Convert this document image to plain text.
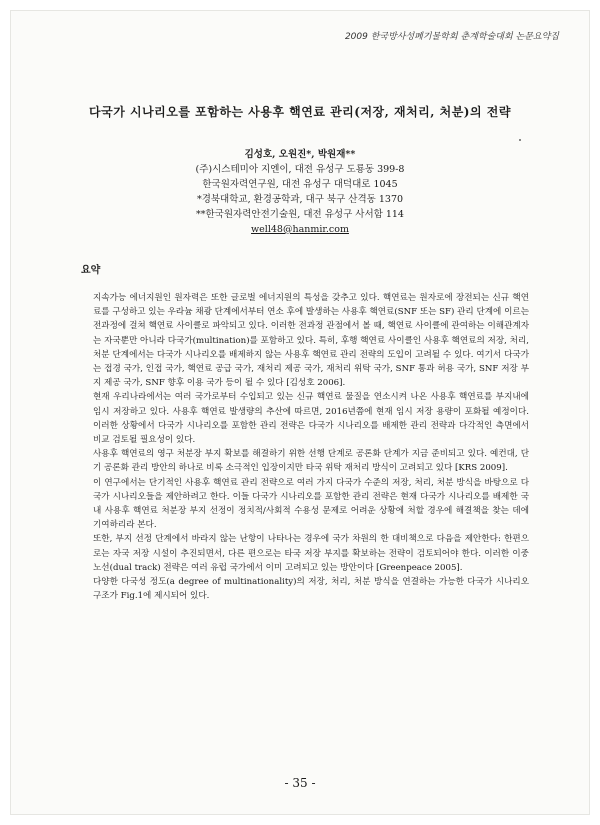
2009 한국방사성폐기물학회 춘계학술대회 논문요약집
다국가 시나리오를 포함하는 사용후 핵연료 관리(저장, 재처리, 처분)의 전략
김성호, 오원진*, 박원재**
(주)시스테미아 지엔이, 대전 유성구 도룡동 399-8
한국원자력연구원, 대전 유성구 대덕대로 1045
*경북대학교, 환경공학과, 대구 북구 산격동 1370
**한국원자력안전기술원, 대전 유성구 사서함 114
well48@hanmir.com
요약

지속가능 에너지원인 원자력은 또한 글로벌 에너지원의 특성을 갖추고 있다. 핵연료는 원자로에 장전되는 신규 핵연료를 구성하고 있는 우라늄 채광 단계에서부터 연소 후에 발생하는 사용후 핵연료(SNF 또는 SF) 관리 단계에 이르는 전과정에 걸쳐 핵연료 사이클로 파악되고 있다. 이러한 전과정 관점에서 볼 때, 핵연료 사이클에 관여하는 이해관계자는 자국뿐만 아니라 다국가(multination)를 포함하고 있다. 특히, 후행 핵연료 사이클인 사용후 핵연료의 저장, 처리, 처분 단계에서는 다국가 시나리오를 배제하지 않는 사용후 핵연료 관리 전략의 도입이 고려될 수 있다. 여기서 다국가는 접경 국가, 인접 국가, 핵연료 공급 국가, 재처리 제공 국가, 재처리 위탁 국가, SNF 통과 허용 국가, SNF 저장 부지 제공 국가, SNF 향후 이용 국가 등이 될 수 있다 [김성호 2006].

현재 우리나라에서는 여러 국가로부터 수입되고 있는 신규 핵연료 물질을 연소시켜 나온 사용후 핵연료를 부지내에 임시 저장하고 있다. 사용후 핵연료 발생량의 추산에 따르면, 2016년쯤에 현재 임시 저장 용량이 포화될 예정이다. 이러한 상황에서 다국가 시나리오를 포함한 관리 전략은 다국가 시나리오를 배제한 관리 전략과 다각적인 측면에서 비교 검토될 필요성이 있다.

사용후 핵연료의 영구 처분장 부지 확보를 해결하기 위한 선행 단계로 공론화 단계가 지금 준비되고 있다. 예컨대, 단기 공론화 관리 방안의 하나로 비록 소극적인 입장이지만 타국 위탁 재처리 방식이 고려되고 있다 [KRS 2009].

이 연구에서는 단기적인 사용후 핵연료 관리 전략으로 여러 가지 다국가 수준의 저장, 처리, 처분 방식을 바탕으로 다국가 시나리오들을 제안하려고 한다. 이들 다국가 시나리오를 포함한 관리 전략은 현재 다국가 시나리오를 배제한 국내 사용후 핵연료 처분장 부지 선정이 정치적/사회적 수용성 문제로 어려운 상황에 처할 경우에 해결책을 찾는 데에 기여하리라 본다.

또한, 부지 선정 단계에서 바라지 않는 난항이 나타나는 경우에 국가 차원의 한 대비책으로 다음을 제안한다: 한편으로는 자국 저장 시설이 추진되면서, 다른 편으로는 타국 저장 부지를 확보하는 전략이 검토되어야 한다. 이러한 이중 노선(dual track) 전략은 여러 유럽 국가에서 이미 고려되고 있는 방안이다 [Greenpeace 2005].

다양한 다국성 정도(a degree of multinationality)의 저장, 처리, 처분 방식을 연결하는 가능한 다국가 시나리오 구조가 Fig.1에 제시되어 있다.

- 35 -
